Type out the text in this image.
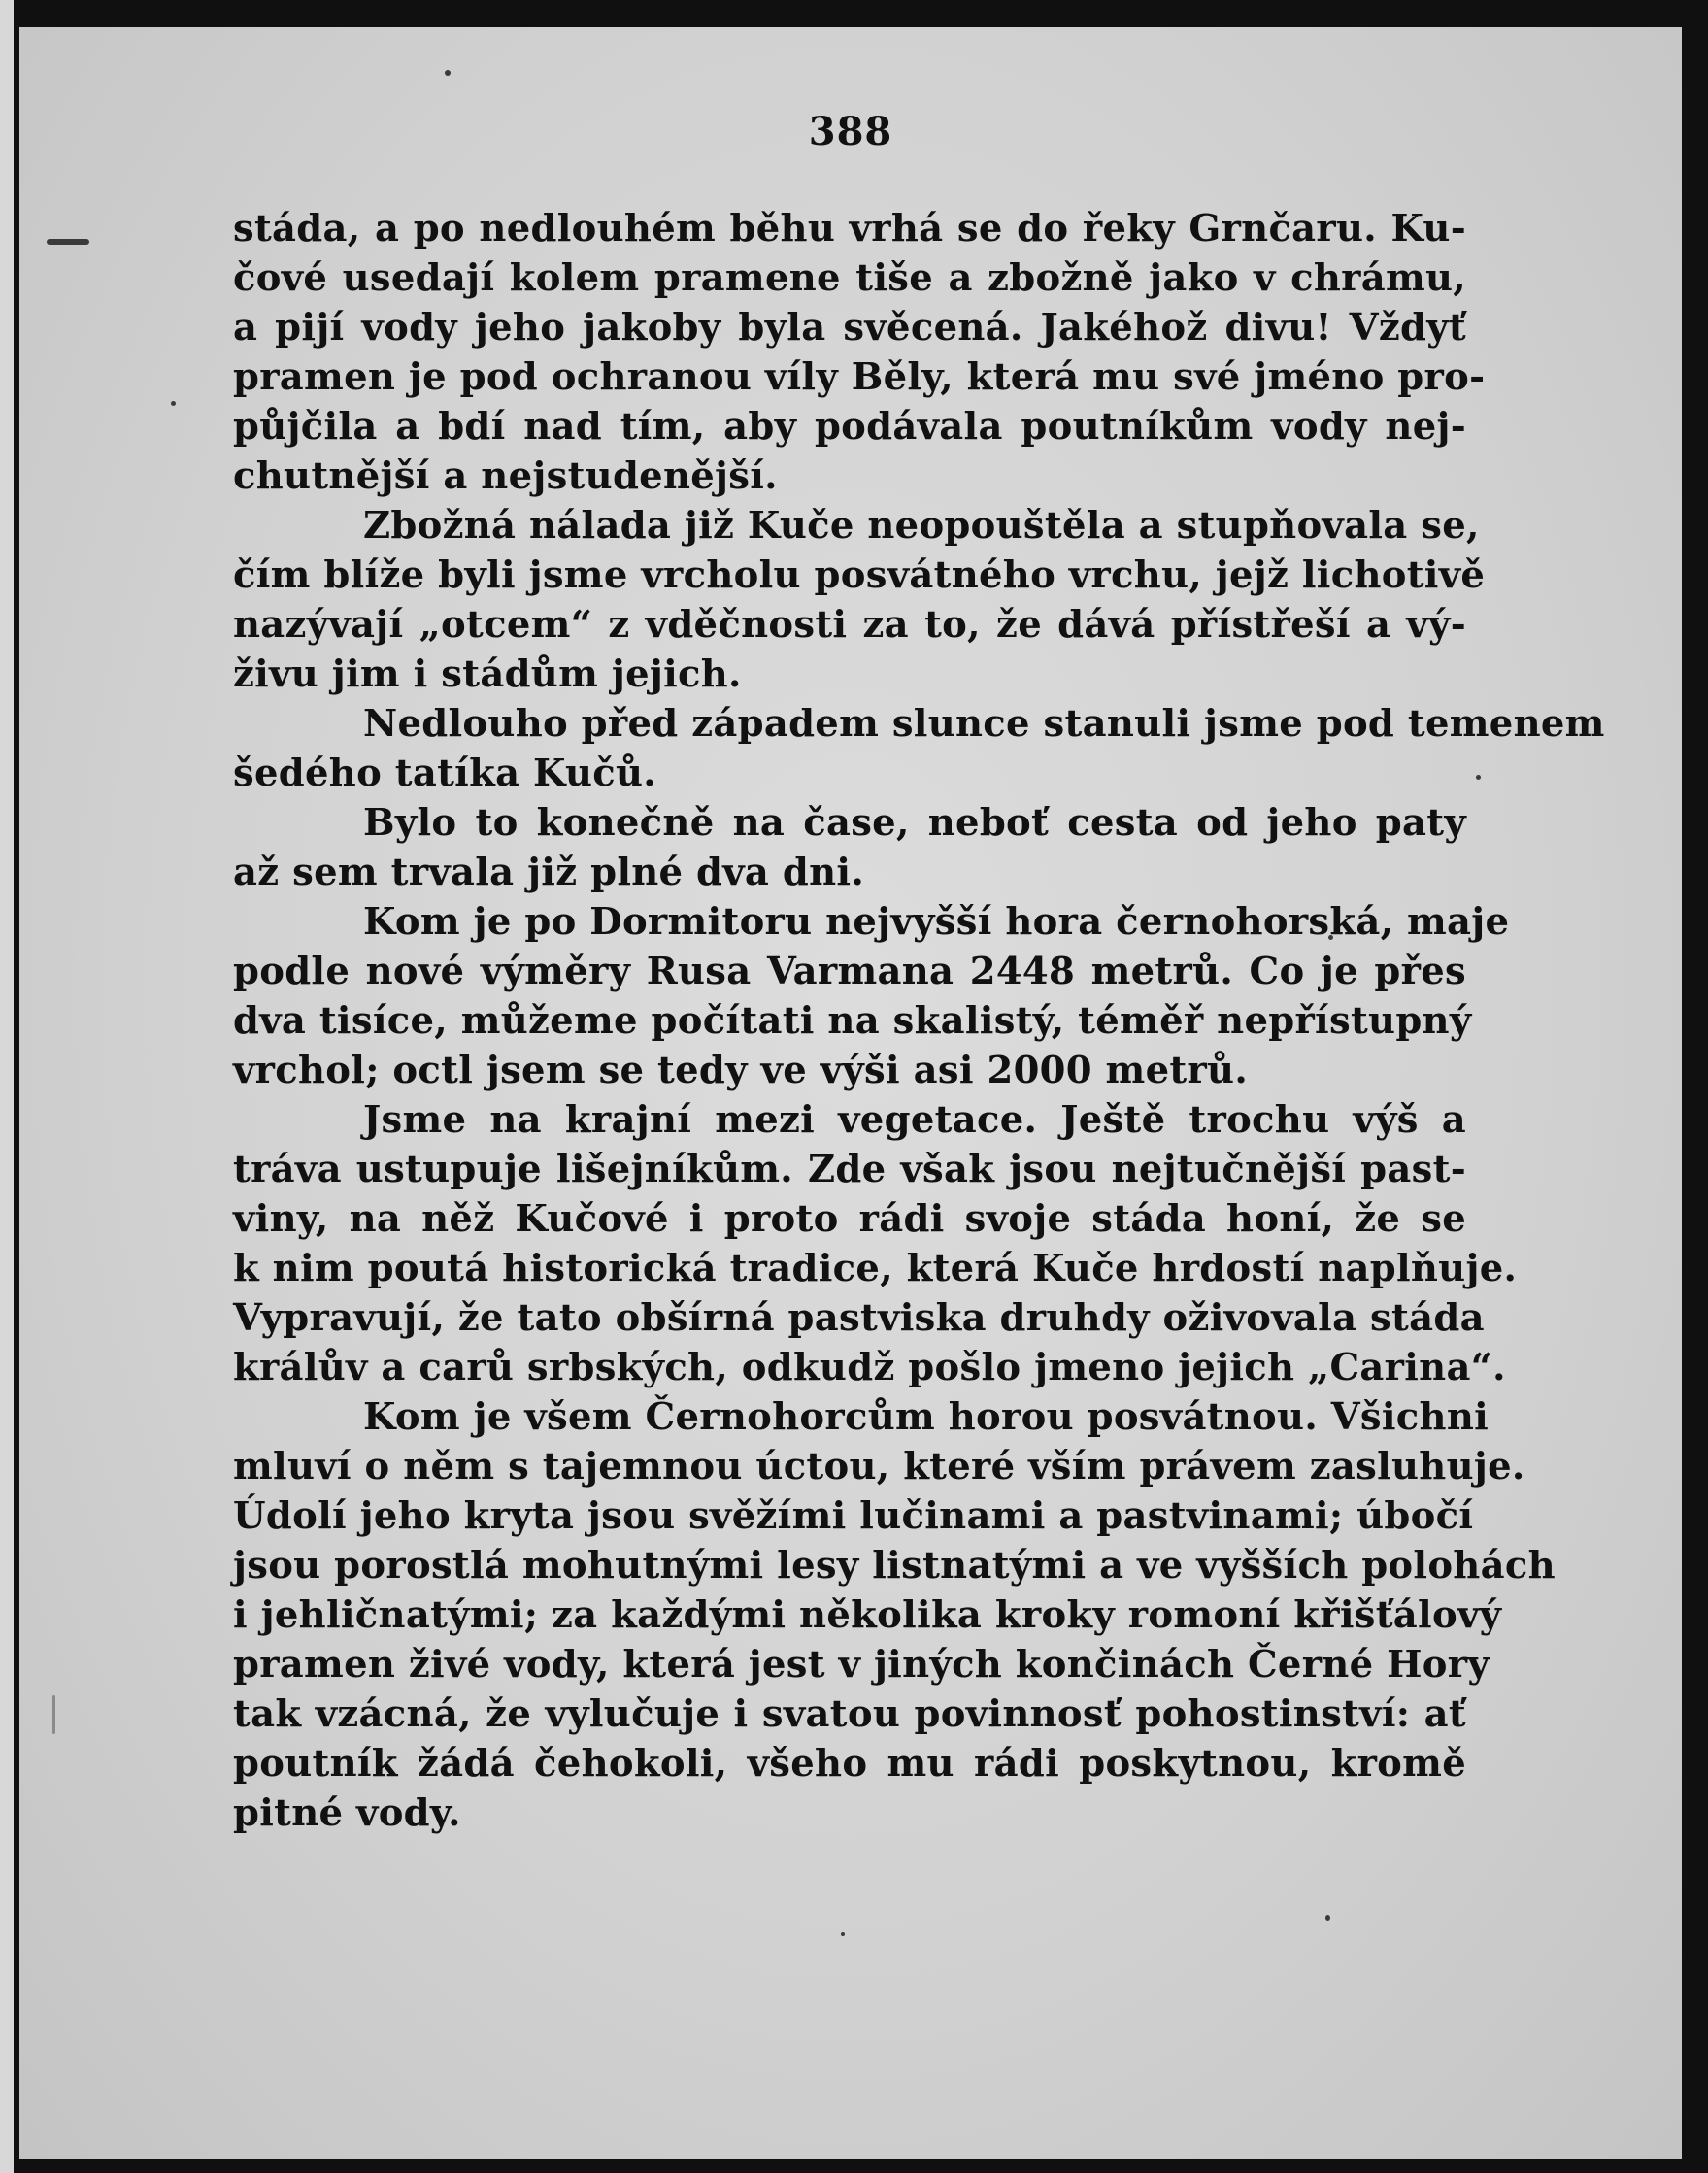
388
stáda, a po nedlouhém běhu vrhá se do řeky Grnčaru. Ku-
čové usedají kolem pramene tiše a zbožně jako v chrámu,
a pijí vody jeho jakoby byla svěcená. Jakéhož divu! Vždyť
pramen je pod ochranou víly Běly, která mu své jméno pro-
půjčila a bdí nad tím, aby podávala poutníkům vody nej-
chutnější a nejstudenější.
Zbožná nálada již Kuče neopouštěla a stupňovala se,
čím blíže byli jsme vrcholu posvátného vrchu, jejž lichotivě
nazývají „otcem“ z vděčnosti za to, že dává přístřeší a vý-
živu jim i stádům jejich.
Nedlouho před západem slunce stanuli jsme pod temenem
šedého tatíka Kučů.
Bylo to konečně na čase, neboť cesta od jeho paty
až sem trvala již plné dva dni.
Kom je po Dormitoru nejvyšší hora černohorská, maje
podle nové výměry Rusa Varmana 2448 metrů. Co je přes
dva tisíce, můžeme počítati na skalistý, téměř nepřístupný
vrchol; octl jsem se tedy ve výši asi 2000 metrů.
Jsme na krajní mezi vegetace. Ještě trochu výš a
tráva ustupuje lišejníkům. Zde však jsou nejtučnější past-
viny, na něž Kučové i proto rádi svoje stáda honí, že se
k nim poutá historická tradice, která Kuče hrdostí naplňuje.
Vypravují, že tato obšírná pastviska druhdy oživovala stáda
králův a carů srbských, odkudž pošlo jmeno jejich „Carina“.
Kom je všem Černohorcům horou posvátnou. Všichni
mluví o něm s tajemnou úctou, které vším právem zasluhuje.
Údolí jeho kryta jsou svěžími lučinami a pastvinami; úbočí
jsou porostlá mohutnými lesy listnatými a ve vyšších polohách
i jehličnatými; za každými několika kroky romoní křišťálový
pramen živé vody, která jest v jiných končinách Černé Hory
tak vzácná, že vylučuje i svatou povinnosť pohostinství: ať
poutník žádá čehokoli, všeho mu rádi poskytnou, kromě
pitné vody.
